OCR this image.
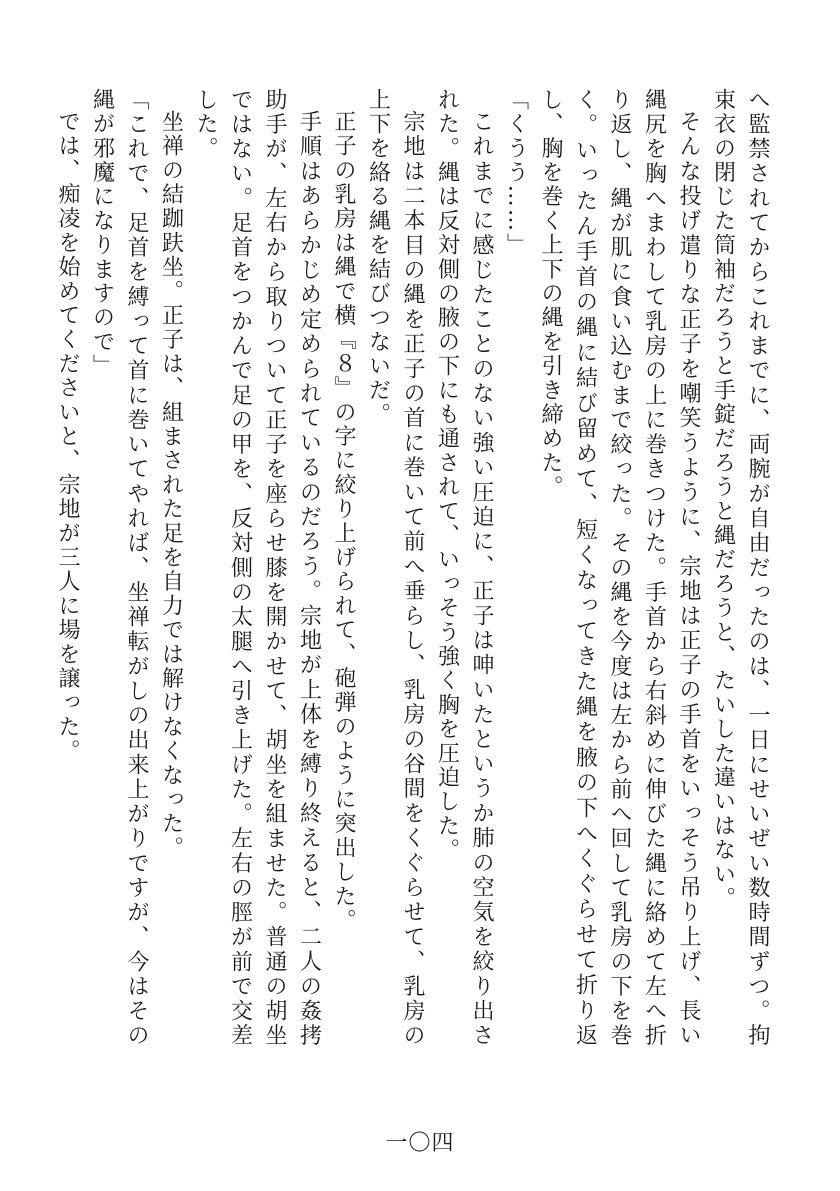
へ監禁されてからこれまでに、両腕が自由だったのは、一日にせいぜい数時間ずつ。拘束衣の閉じた筒袖だろうと手錠だろうと縄だろうと、たいした違いはない。

そんな投げ遣りな正子を嘲笑うように、宗地は正子の手首をいっそう吊り上げ、長い縄尻を胸へまわして乳房の上に巻きつけた。手首から右斜めに伸びた縄に絡めて左へ折り返し、縄が肌に食い込むまで絞った。その縄を今度は左から前へ回して乳房の下を巻く。いったん手首の縄に結び留めて、短くなってきた縄を腋の下へくぐらせて折り返し、胸を巻く上下の縄を引き締めた。

「くうう……」

これまでに感じたことのない強い圧迫に、正子は呻いたというか肺の空気を絞り出された。縄は反対側の腋の下にも通されて、いっそう強く胸を圧迫した。

宗地は二本目の縄を正子の首に巻いて前へ垂らし、乳房の谷間をくぐらせて、乳房の上下を絡る縄を結びつないだ。

正子の乳房は縄で横『８』の字に絞り上げられて、砲弾のように突出した。

手順はあらかじめ定められているのだろう。宗地が上体を縛り終えると、二人の姦拷助手が、左右から取りついて正子を座らせ膝を開かせて、胡坐を組ませた。普通の胡坐ではない。足首をつかんで足の甲を、反対側の太腿へ引き上げた。左右の脛が前で交差した。

坐禅の結跏趺坐。正子は、組まされた足を自力では解けなくなった。

「これで、足首を縛って首に巻いてやれば、坐禅転がしの出来上がりですが、今はその縄が邪魔になりますので」

では、痴凌を始めてくださいと、宗地が三人に場を譲った。

一〇四
